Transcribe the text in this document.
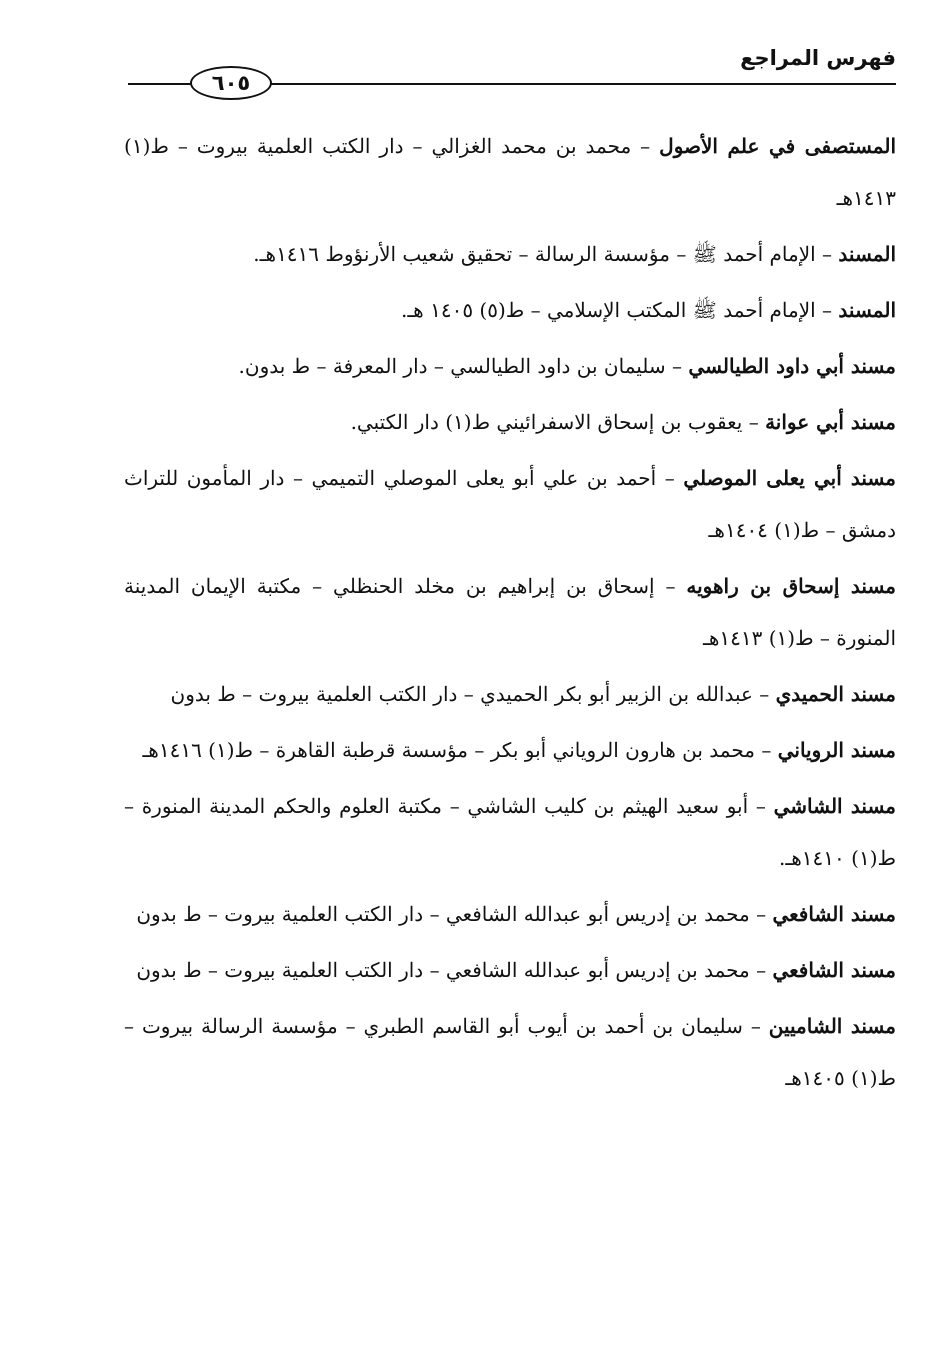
فهرس المراجع
٦٠٥
المستصفى في علم الأصول – محمد بن محمد الغزالي – دار الكتب العلمية بيروت – ط(١) ١٤١٣هـ
المسند – الإمام أحمد ﷺ – مؤسسة الرسالة – تحقيق شعيب الأرنؤوط ١٤١٦هـ.
المسند – الإمام أحمد ﷺ المكتب الإسلامي – ط(٥) ١٤٠٥ هـ.
مسند أبي داود الطيالسي – سليمان بن داود الطيالسي – دار المعرفة – ط بدون.
مسند أبي عوانة – يعقوب بن إسحاق الاسفرائيني ط(١) دار الكتبي.
مسند أبي يعلى الموصلي – أحمد بن علي أبو يعلى الموصلي التميمي – دار المأمون للتراث دمشق – ط(١) ١٤٠٤هـ
مسند إسحاق بن راهويه – إسحاق بن إبراهيم بن مخلد الحنظلي – مكتبة الإيمان المدينة المنورة – ط(١) ١٤١٣هـ
مسند الحميدي – عبدالله بن الزبير أبو بكر الحميدي – دار الكتب العلمية بيروت – ط بدون
مسند الروياني – محمد بن هارون الروياني أبو بكر – مؤسسة قرطبة القاهرة – ط(١) ١٤١٦هـ
مسند الشاشي – أبو سعيد الهيثم بن كليب الشاشي – مكتبة العلوم والحكم المدينة المنورة – ط(١) ١٤١٠هـ.
مسند الشافعي – محمد بن إدريس أبو عبدالله الشافعي – دار الكتب العلمية بيروت – ط بدون
مسند الشافعي – محمد بن إدريس أبو عبدالله الشافعي – دار الكتب العلمية بيروت – ط بدون
مسند الشاميين – سليمان بن أحمد بن أيوب أبو القاسم الطبري – مؤسسة الرسالة بيروت – ط(١) ١٤٠٥هـ
